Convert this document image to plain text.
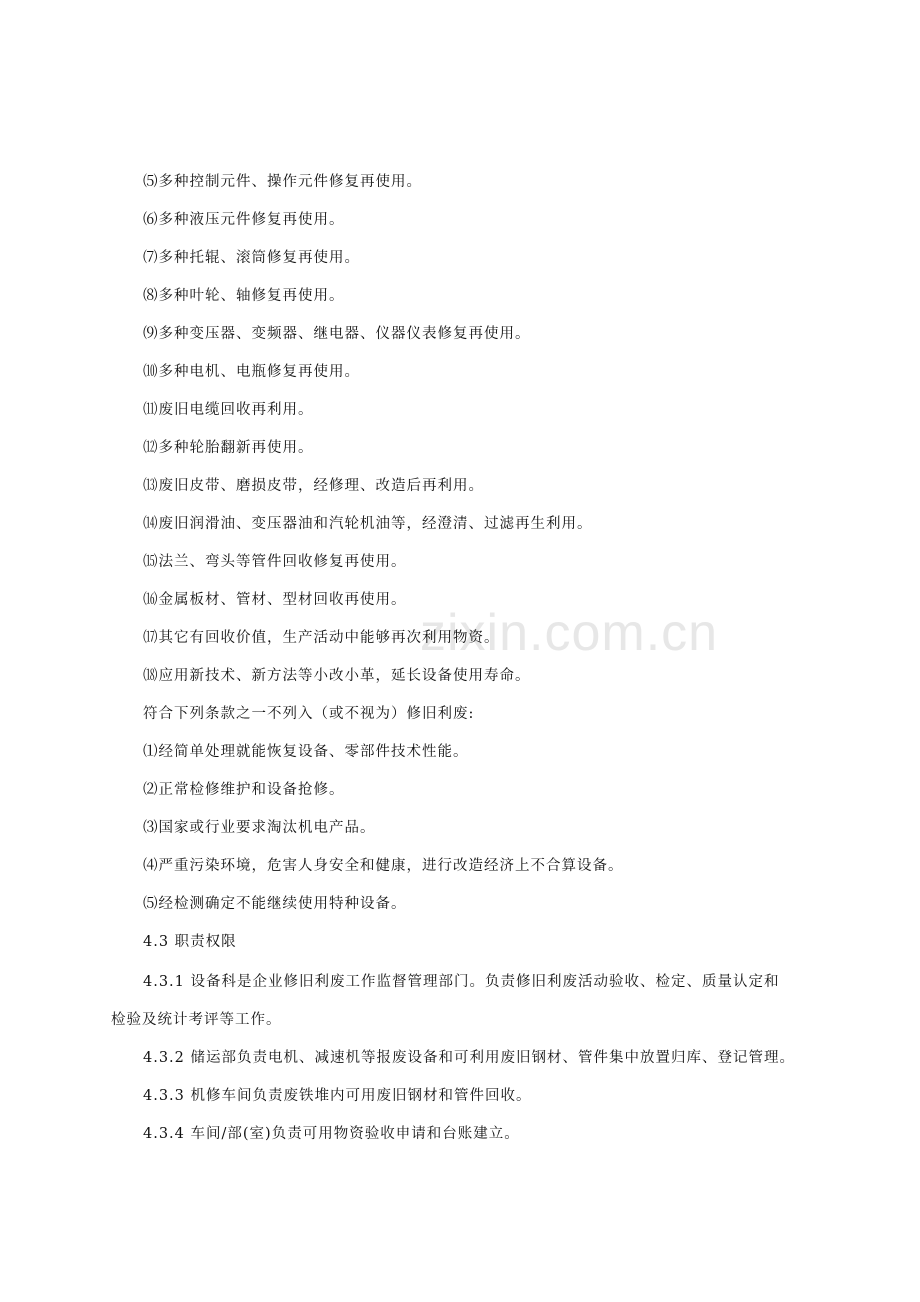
zixin.com.cn
⑸多种控制元件、操作元件修复再使用。
⑹多种液压元件修复再使用。
⑺多种托辊、滚筒修复再使用。
⑻多种叶轮、轴修复再使用。
⑼多种变压器、变频器、继电器、仪器仪表修复再使用。
⑽多种电机、电瓶修复再使用。
⑾废旧电缆回收再利用。
⑿多种轮胎翻新再使用。
⒀废旧皮带、磨损皮带，经修理、改造后再利用。
⒁废旧润滑油、变压器油和汽轮机油等，经澄清、过滤再生利用。
⒂法兰、弯头等管件回收修复再使用。
⒃金属板材、管材、型材回收再使用。
⒄其它有回收价值，生产活动中能够再次利用物资。
⒅应用新技术、新方法等小改小革，延长设备使用寿命。
符合下列条款之一不列入（或不视为）修旧利废:
⑴经简单处理就能恢复设备、零部件技术性能。
⑵正常检修维护和设备抢修。
⑶国家或行业要求淘汰机电产品。
⑷严重污染环境，危害人身安全和健康，进行改造经济上不合算设备。
⑸经检测确定不能继续使用特种设备。
4.3 职责权限
4.3.1 设备科是企业修旧利废工作监督管理部门。负责修旧利废活动验收、检定、质量认定和
检验及统计考评等工作。
4.3.2 储运部负责电机、减速机等报废设备和可利用废旧钢材、管件集中放置归库、登记管理。
4.3.3 机修车间负责废铁堆内可用废旧钢材和管件回收。
4.3.4 车间/部(室)负责可用物资验收申请和台账建立。
